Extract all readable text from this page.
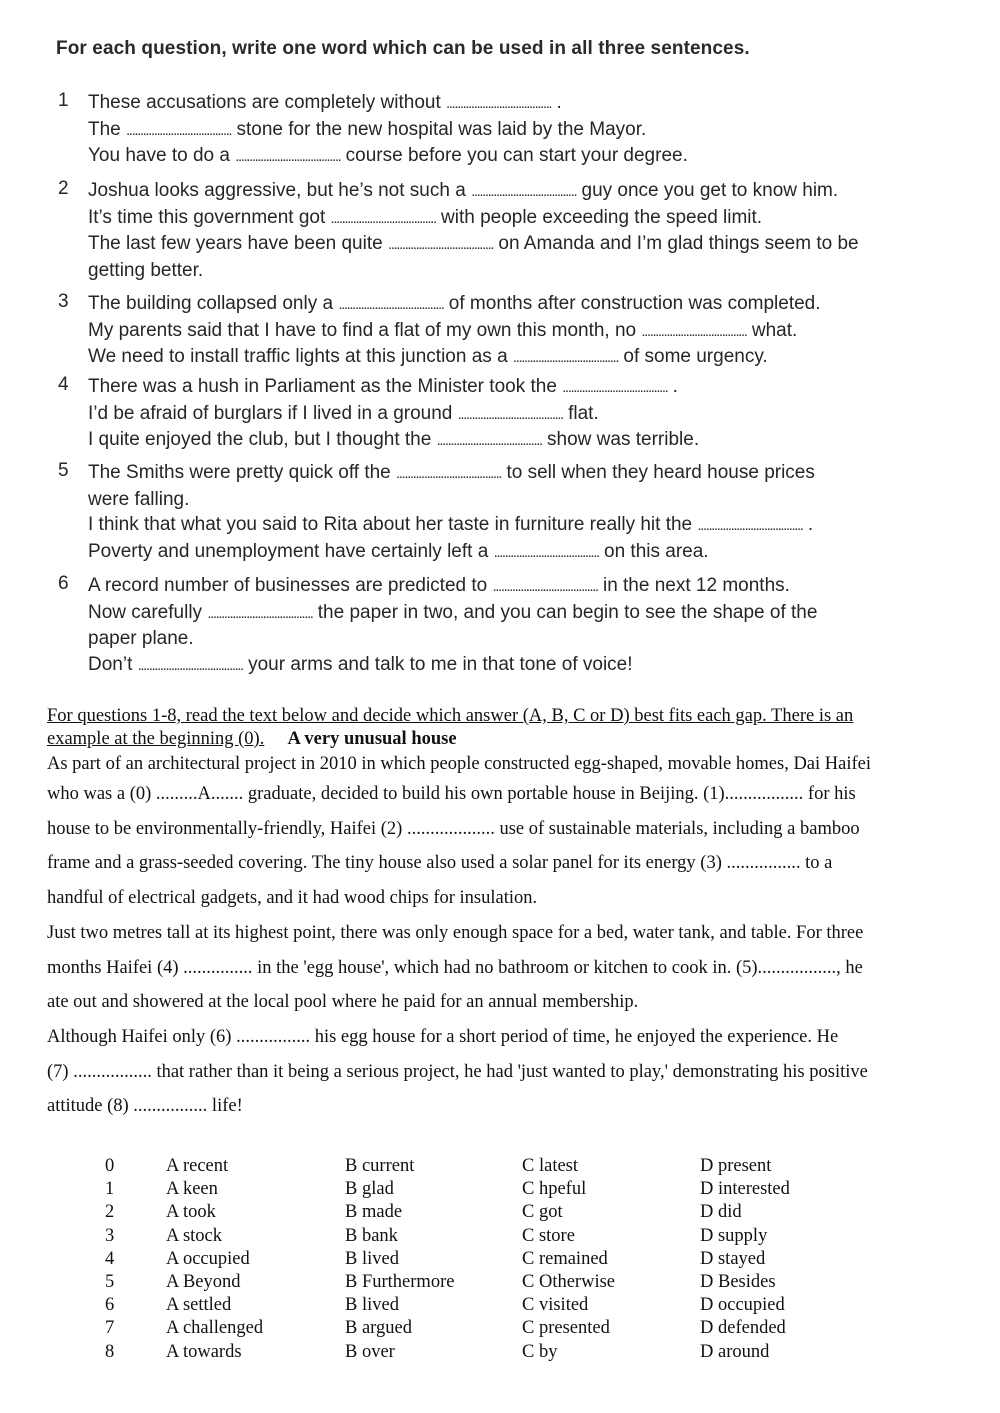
For each question, write one word which can be used in all three sentences.
1	These accusations are completely without ...................................... .
The ...................................... stone for the new hospital was laid by the Mayor.
You have to do a ...................................... course before you can start your degree.
2	Joshua looks aggressive, but he’s not such a ...................................... guy once you get to know him.
It’s time this government got ...................................... with people exceeding the speed limit.
The last few years have been quite ...................................... on Amanda and I’m glad things seem to be
getting better.
3	The building collapsed only a ...................................... of months after construction was completed.
My parents said that I have to find a flat of my own this month, no ...................................... what.
We need to install traffic lights at this junction as a ...................................... of some urgency.
4	There was a hush in Parliament as the Minister took the ...................................... .
I’d be afraid of burglars if I lived in a ground ...................................... flat.
I quite enjoyed the club, but I thought the ...................................... show was terrible.
5	The Smiths were pretty quick off the ...................................... to sell when they heard house prices
were falling.
I think that what you said to Rita about her taste in furniture really hit the ...................................... .
Poverty and unemployment have certainly left a ...................................... on this area.
6	A record number of businesses are predicted to ...................................... in the next 12 months.
Now carefully ...................................... the paper in two, and you can begin to see the shape of the
paper plane.
Don’t ...................................... your arms and talk to me in that tone of voice!
For questions 1-8, read the text below and decide which answer (A, B, C or D) best fits each gap. There is an
example at the beginning (0). A very unusual house
As part of an architectural project in 2010 in which people constructed egg-shaped, movable homes, Dai Haifei
who was a (0) .........A....... graduate, decided to build his own portable house in Beijing. (1)................. for his
house to be environmentally-friendly, Haifei (2) ................... use of sustainable materials, including a bamboo
frame and a grass-seeded covering. The tiny house also used a solar panel for its energy (3) ................ to a
handful of electrical gadgets, and it had wood chips for insulation.
Just two metres tall at its highest point, there was only enough space for a bed, water tank, and table. For three
months Haifei (4) ............... in the 'egg house', which had no bathroom or kitchen to cook in. (5)................., he
ate out and showered at the local pool where he paid for an annual membership.
Although Haifei only (6) ................ his egg house for a short period of time, he enjoyed the experience. He
(7) ................. that rather than it being a serious project, he had 'just wanted to play,' demonstrating his positive
attitude (8) ................ life!
0	A recent	B current	C latest	D present
1	A keen	B glad	C hpeful	D interested
2	A took	B made	C got	D did
3	A stock	B bank	C store	D supply
4	A occupied	B lived	C remained	D stayed
5	A Beyond	B Furthermore	C Otherwise	D Besides
6	A settled	B lived	C visited	D occupied
7	A challenged	B argued	C presented	D defended
8	A towards	B over	C by	D around
